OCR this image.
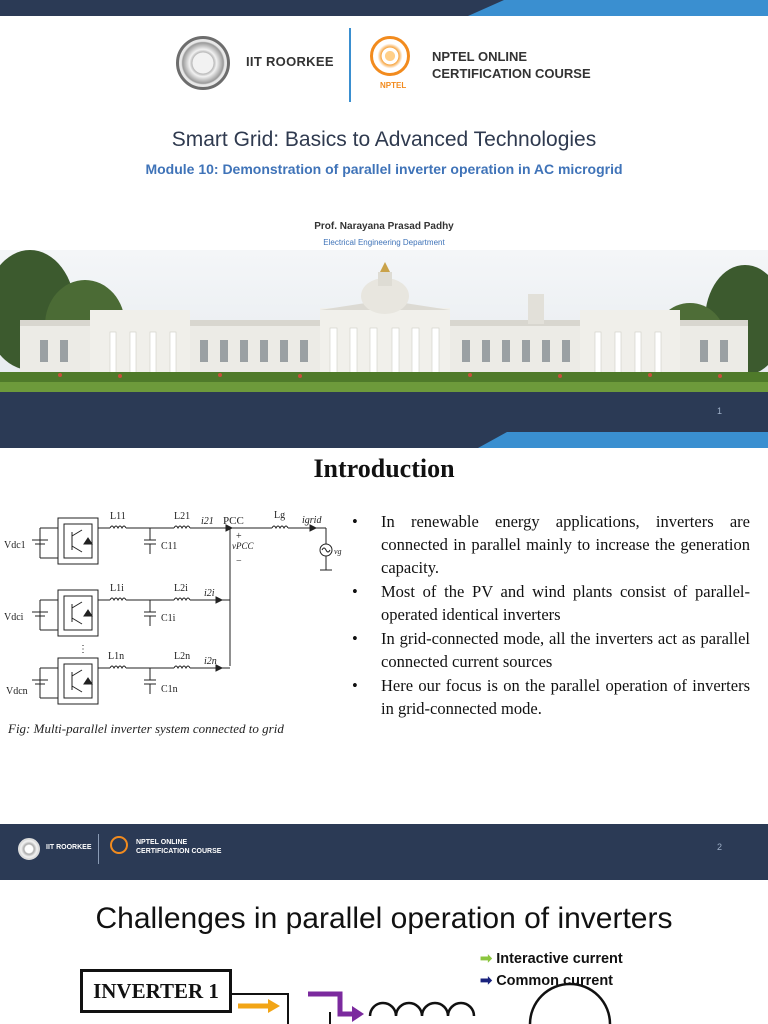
IIT ROORKEE
NPTEL
NPTEL ONLINE
CERTIFICATION COURSE
Smart Grid: Basics to Advanced Technologies
Module 10: Demonstration of parallel inverter operation in AC microgrid
Prof. Narayana Prasad Padhy
Electrical Engineering Department
1
Introduction
Vdc1
L11
C11
L21 i21 PCC
+
vPCC
−
Lg igrid
vg
Vdci
L1i
C1i
L2i i2i
⋮
Vdcn
L1n
C1n
L2n i2n
Fig: Multi-parallel inverter system connected to grid
• In renewable energy applications, inverters are connected in parallel mainly to increase the generation capacity.
• Most of the PV and wind plants consist of parallel-operated identical inverters
• In grid-connected mode, all the inverters act as parallel connected current sources
• Here our focus is on the parallel operation of inverters in grid-connected mode.
IIT ROORKEE
NPTEL ONLINE
CERTIFICATION COURSE	2
Challenges in parallel operation of inverters
➡ Interactive current
➡ Common current
INVERTER 1
